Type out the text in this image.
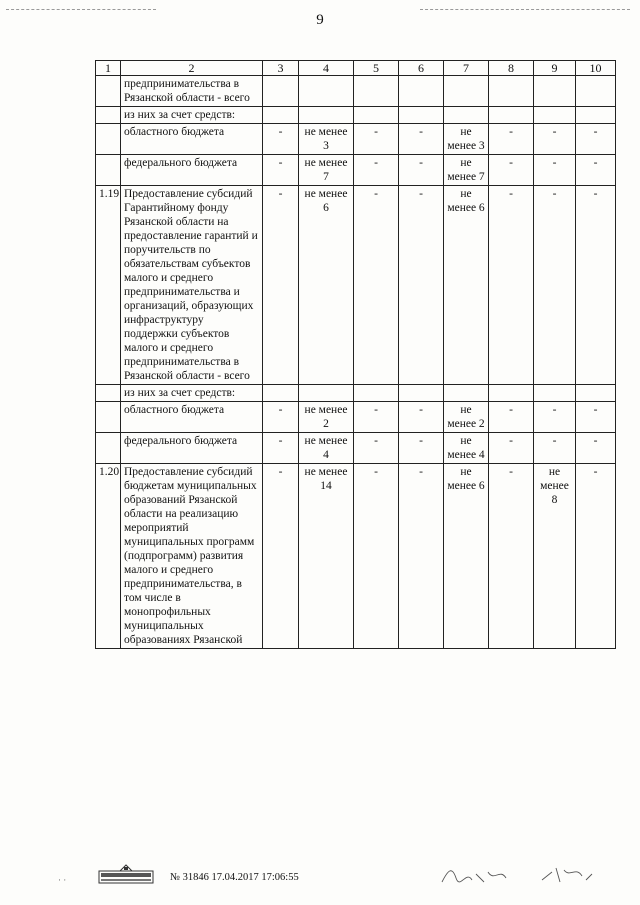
9
1	2	3	4	5	6	7	8	9	10
	предпринимательства в Рязанской области - всего								
	из них за счет средств:								
	областного бюджета	-	не менее 3	-	-	не менее 3	-	-	-
	федерального бюджета	-	не менее 7	-	-	не менее 7	-	-	-
1.19	Предоставление субсидий Гарантийному фонду Рязанской области на предоставление гарантий и поручительств по обязательствам субъектов малого и среднего предпринимательства и организаций, образующих инфраструктуру поддержки субъектов малого и среднего предпринимательства в Рязанской области - всего	-	не менее 6	-	-	не менее 6	-	-	-
	из них за счет средств:								
	областного бюджета	-	не менее 2	-	-	не менее 2	-	-	-
	федерального бюджета	-	не менее 4	-	-	не менее 4	-	-	-
1.20	Предоставление субсидий бюджетам муниципальных образований Рязанской области на реализацию мероприятий муниципальных программ (подпрограмм) развития малого и среднего предпринимательства, в том числе в монопрофильных муниципальных образованиях Рязанской	-	не менее 14	-	-	не менее 6	-	не менее 8	-
№ 31846 17.04.2017 17:06:55
· ·
